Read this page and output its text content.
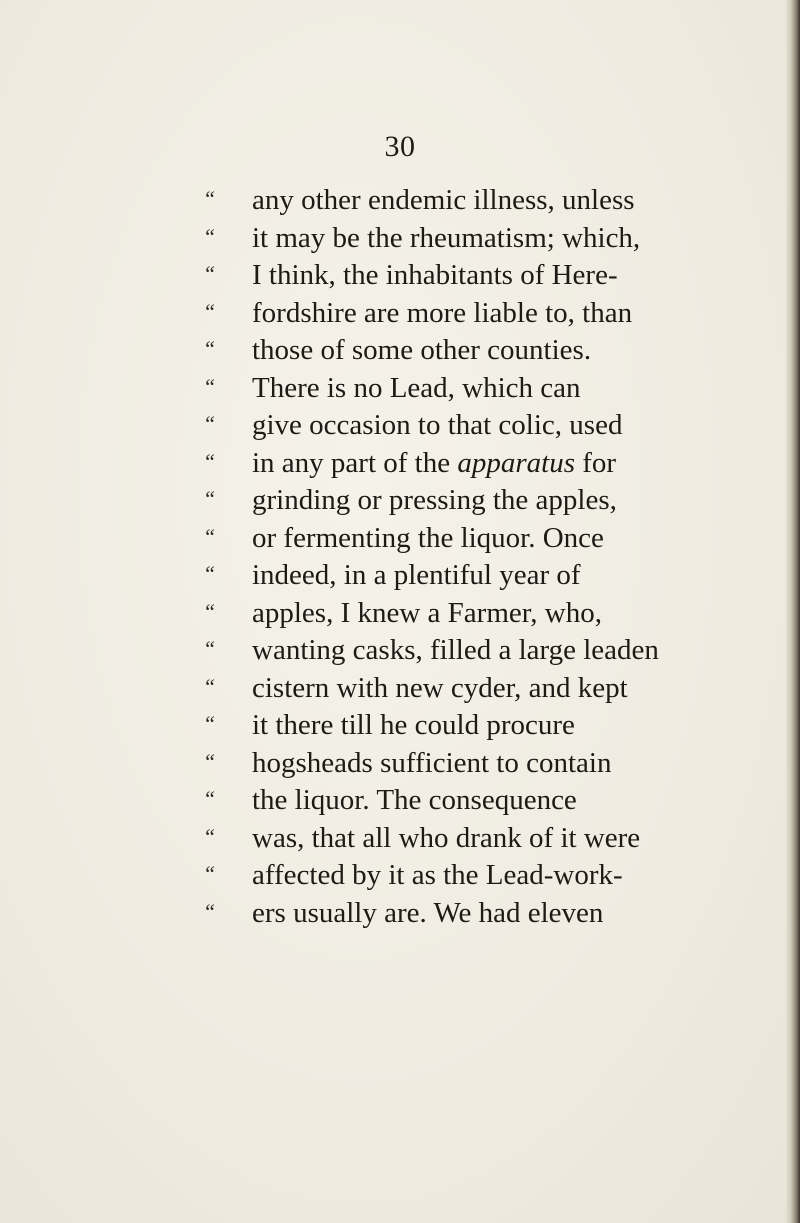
30
“ any other endemic illness, unless
“ it may be the rheumatism; which,
“ I think, the inhabitants of Here-
“ fordshire are more liable to, than
“ those of some other counties.
“ There is no Lead, which can
“ give occasion to that colic, used
“ in any part of the apparatus for
“ grinding or pressing the apples,
“ or fermenting the liquor. Once
“ indeed, in a plentiful year of
“ apples, I knew a Farmer, who,
“ wanting casks, filled a large leaden
“ cistern with new cyder, and kept
“ it there till he could procure
“ hogsheads sufficient to contain
“ the liquor. The consequence
“ was, that all who drank of it were
“ affected by it as the Lead-work-
“ ers usually are. We had eleven
